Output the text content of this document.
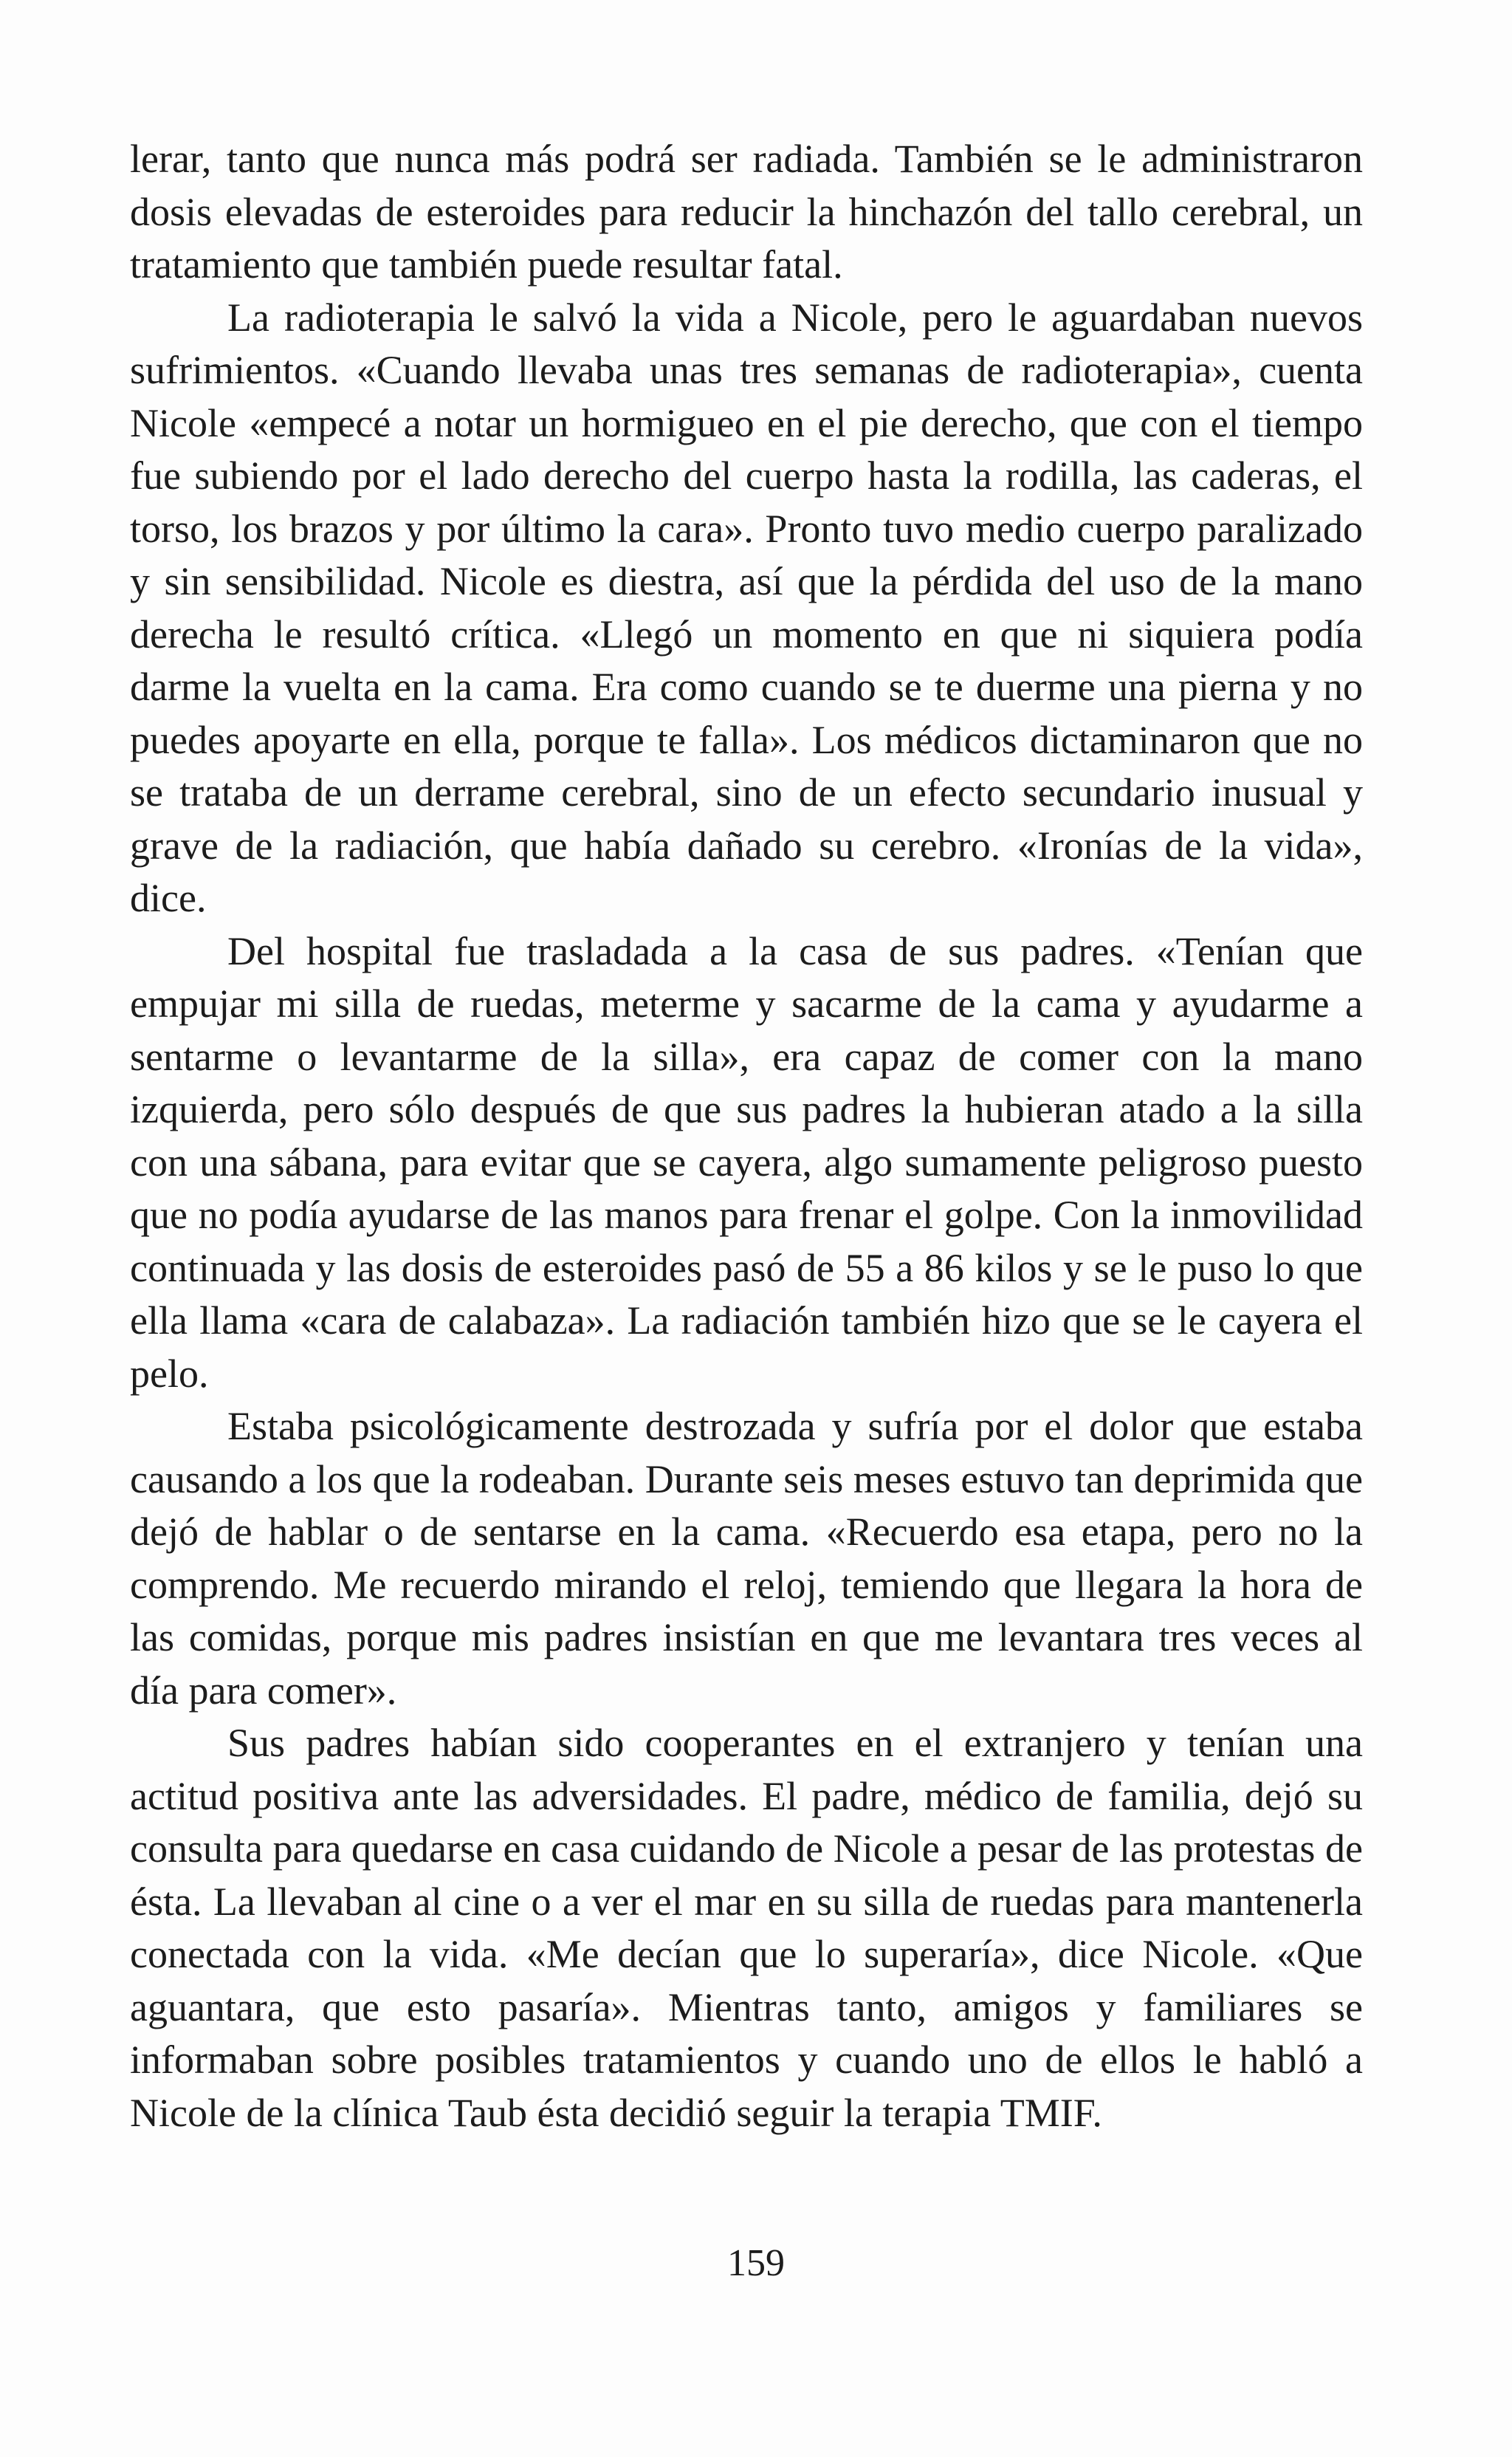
lerar, tanto que nunca más podrá ser radiada. También se le administraron dosis elevadas de esteroides para reducir la hinchazón del tallo cerebral, un tratamiento que también puede resultar fatal.

La radioterapia le salvó la vida a Nicole, pero le aguardaban nuevos sufrimientos. «Cuando llevaba unas tres semanas de radioterapia», cuenta Nicole «empecé a notar un hormigueo en el pie derecho, que con el tiempo fue subiendo por el lado derecho del cuerpo hasta la rodilla, las caderas, el torso, los brazos y por último la cara». Pronto tuvo medio cuerpo paralizado y sin sensibilidad. Nicole es diestra, así que la pérdida del uso de la mano derecha le resultó crítica. «Llegó un momento en que ni siquiera podía darme la vuelta en la cama. Era como cuando se te duerme una pierna y no puedes apoyarte en ella, porque te falla». Los médicos dictaminaron que no se trataba de un derrame cerebral, sino de un efecto secundario inusual y grave de la radiación, que había dañado su cerebro. «Ironías de la vida», dice.

Del hospital fue trasladada a la casa de sus padres. «Tenían que empujar mi silla de ruedas, meterme y sacarme de la cama y ayudarme a sentarme o levantarme de la silla», era capaz de comer con la mano izquierda, pero sólo después de que sus padres la hubieran atado a la silla con una sábana, para evitar que se cayera, algo sumamente peligroso puesto que no podía ayudarse de las manos para frenar el golpe. Con la inmovilidad continuada y las dosis de esteroides pasó de 55 a 86 kilos y se le puso lo que ella llama «cara de calabaza». La radiación también hizo que se le cayera el pelo.

Estaba psicológicamente destrozada y sufría por el dolor que estaba causando a los que la rodeaban. Durante seis meses estuvo tan deprimida que dejó de hablar o de sentarse en la cama. «Recuerdo esa etapa, pero no la comprendo. Me recuerdo mirando el reloj, temiendo que llegara la hora de las comidas, porque mis padres insistían en que me levantara tres veces al día para comer».

Sus padres habían sido cooperantes en el extranjero y tenían una actitud positiva ante las adversidades. El padre, médico de familia, dejó su consulta para quedarse en casa cuidando de Nicole a pesar de las protestas de ésta. La llevaban al cine o a ver el mar en su silla de ruedas para mantenerla conectada con la vida. «Me decían que lo superaría», dice Nicole. «Que aguantara, que esto pasaría». Mientras tanto, amigos y familiares se informaban sobre posibles tratamientos y cuando uno de ellos le habló a Nicole de la clínica Taub ésta decidió seguir la terapia TMIF.

159
